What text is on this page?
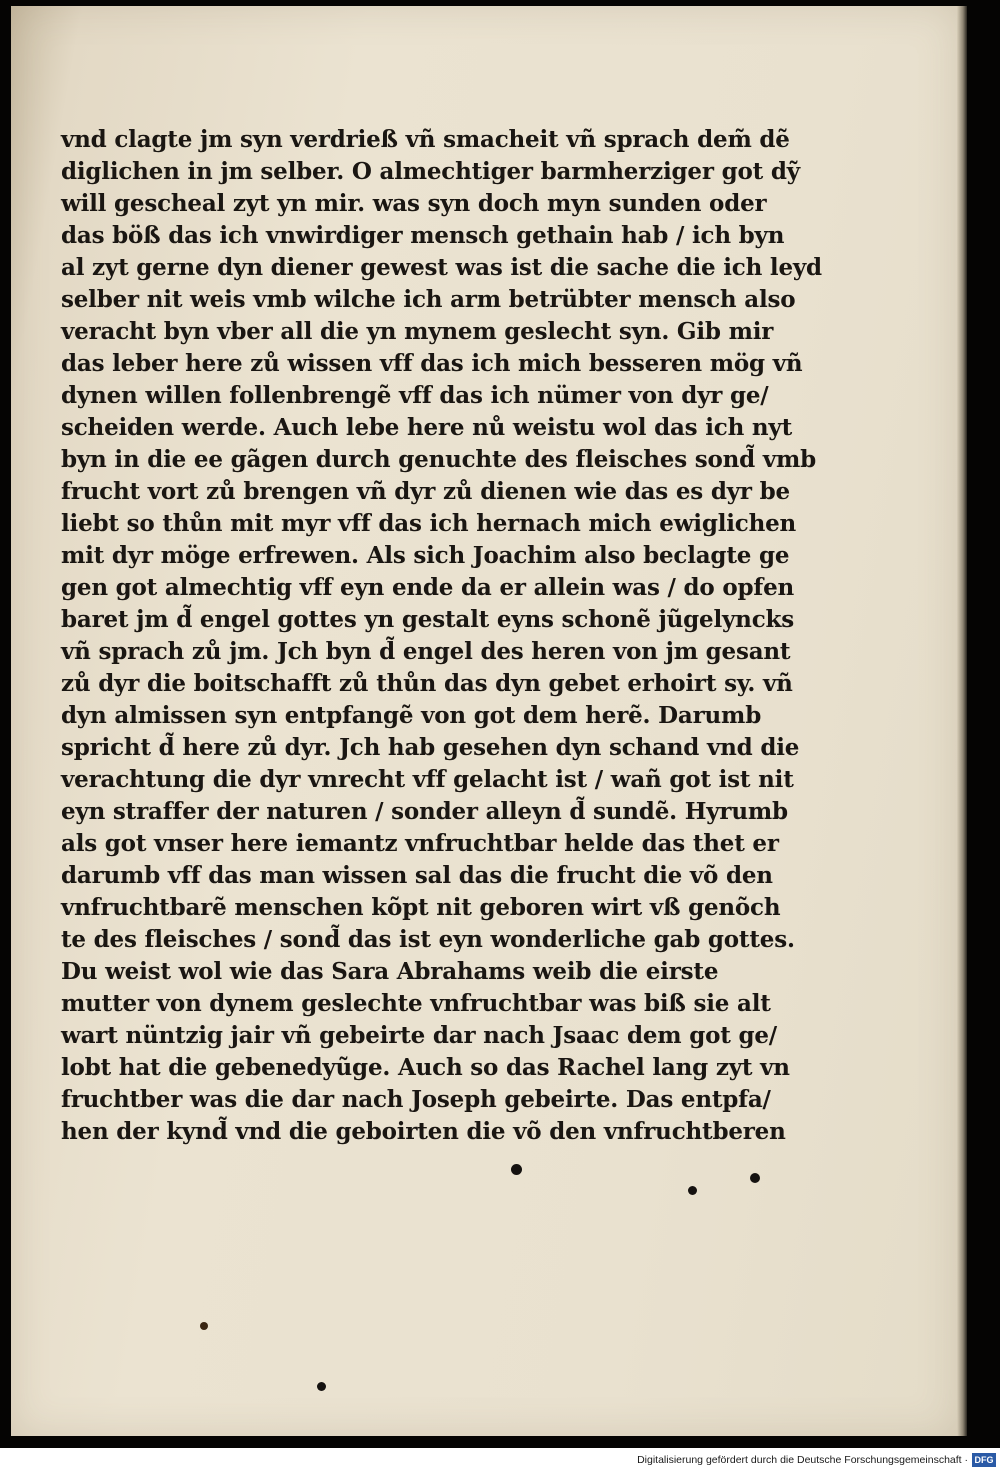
vnd clagte jm syn verdrieß vñ smacheit vñ sprach dem̃ dẽ
diglichen in jm selber. O almechtiger barmherziger got dỹ
will gescheal zyt yn mir. was syn doch myn sunden oder
das böß das ich vnwirdiger mensch gethain hab / ich byn
al zyt gerne dyn diener gewest was ist die sache die ich leyd
selber nit weis vmb wilche ich arm betrübter mensch also
veracht byn vber all die yn mynem geslecht syn. Gib mir
das leber here zů wissen vff das ich mich besseren mög vñ
dynen willen follenbrengẽ vff das ich nümer von dyr ge/
scheiden werde. Auch lebe here nů weistu wol das ich nyt
byn in die ee gãgen durch genuchte des fleisches sond̃ vmb
frucht vort zů brengen vñ dyr zů dienen wie das es dyr be
liebt so thůn mit myr vff das ich hernach mich ewiglichen
mit dyr möge erfrewen. Als sich Joachim also beclagte ge
gen got almechtig vff eyn ende da er allein was / do opfen
baret jm d̃ engel gottes yn gestalt eyns schonẽ jũgelyncks
vñ sprach zů jm. Jch byn d̃ engel des heren von jm gesant
zů dyr die boitschafft zů thůn das dyn gebet erhoirt sy. vñ
dyn almissen syn entpfangẽ von got dem herẽ. Darumb
spricht d̃ here zů dyr. Jch hab gesehen dyn schand vnd die
verachtung die dyr vnrecht vff gelacht ist / wañ got ist nit
eyn straffer der naturen / sonder alleyn d̃ sundẽ. Hyrumb
als got vnser here iemantz vnfruchtbar helde das thet er
darumb vff das man wissen sal das die frucht die võ den
vnfruchtbarẽ menschen kõpt nit geboren wirt vß genõch
te des fleisches / sond̃ das ist eyn wonderliche gab gottes.
Du weist wol wie das Sara Abrahams weib die eirste
mutter von dynem geslechte vnfruchtbar was biß sie alt
wart nüntzig jair vñ gebeirte dar nach Jsaac dem got ge/
lobt hat die gebenedyũge. Auch so das Rachel lang zyt vn
fruchtber was die dar nach Joseph gebeirte. Das entpfa/
hen der kynd̃ vnd die geboirten die võ den vnfruchtberen
Digitalisierung gefördert durch die Deutsche Forschungsgemeinschaft · DFG
